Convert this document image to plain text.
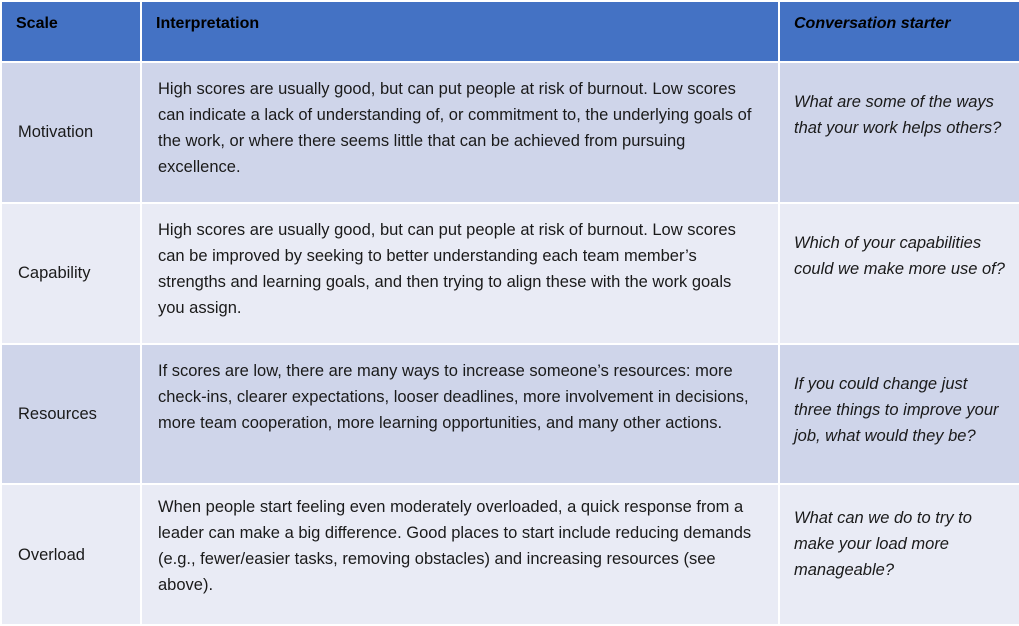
Scale	Interpretation	Conversation starter
Motivation	High scores are usually good, but can put people at risk of burnout. Low scores can indicate a lack of understanding of, or commitment to, the underlying goals of the work, or where there seems little that can be achieved from pursuing excellence.	What are some of the ways that your work helps others?
Capability	High scores are usually good, but can put people at risk of burnout. Low scores can be improved by seeking to better understanding each team member’s strengths and learning goals, and then trying to align these with the work goals you assign.	Which of your capabilities could we make more use of?
Resources	If scores are low, there are many ways to increase someone’s resources: more check-ins, clearer expectations, looser deadlines, more involvement in decisions, more team cooperation, more learning opportunities, and many other actions.	If you could change just three things to improve your job, what would they be?
Overload	When people start feeling even moderately overloaded, a quick response from a leader can make a big difference. Good places to start include reducing demands (e.g., fewer/easier tasks, removing obstacles) and increasing resources (see above).	What can we do to try to make your load more manageable?
